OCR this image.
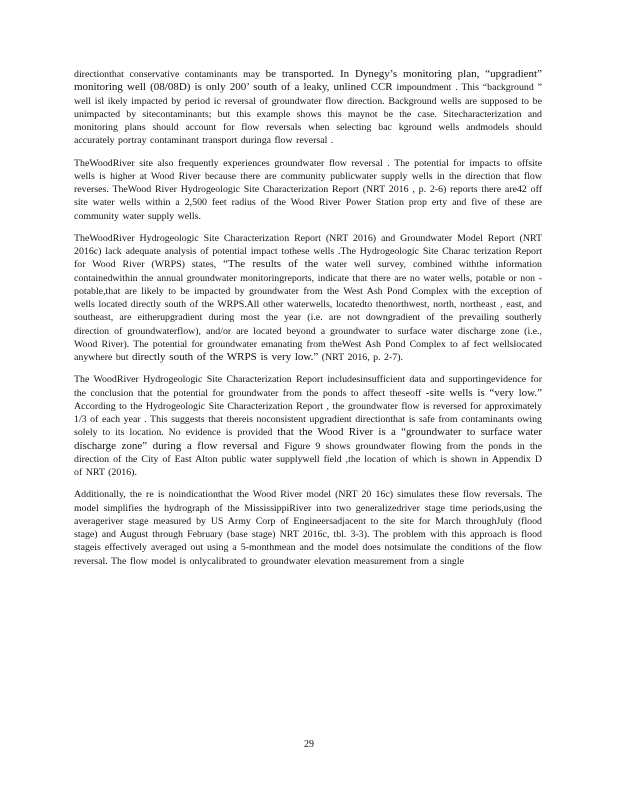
directionthat conservative contaminants may be transported. In Dynegy’s monitoring plan, “upgradient” monitoring well (08/08D) is only 200’ south of a leaky, unlined CCR impoundment . This “background ” well isl ikely impacted by period ic reversal of groundwater flow direction. Background wells are supposed to be unimpacted by sitecontaminants; but this example shows this maynot be the case. Sitecharacterization and monitoring plans should account for flow reversals when selecting bac kground wells andmodels should accurately portray contaminant transport duringa flow reversal .

TheWoodRiver site also frequently experiences groundwater flow reversal . The potential for impacts to offsite wells is higher at Wood River because there are community publicwater supply wells in the direction that flow reverses. TheWood River Hydrogeologic Site Characterization Report (NRT 2016 , p. 2-6) reports there are42 off site water wells within a 2,500 feet radius of the Wood River Power Station prop erty and five of these are community water supply wells.

TheWoodRiver Hydrogeologic Site Characterization Report (NRT 2016) and Groundwater Model Report (NRT 2016c) lack adequate analysis of potential impact tothese wells .The Hydrogeologic Site Charac terization Report for Wood River (WRPS) states, “The results of the water well survey, combined withthe information containedwithin the annual groundwater monitoringreports, indicate that there are no water wells, potable or non -potable,that are likely to be impacted by groundwater from the West Ash Pond Complex with the exception of wells located directly south of the WRPS.All other waterwells, locatedto thenorthwest, north, northeast , east, and southeast, are eitherupgradient during most the year (i.e. are not downgradient of the prevailing southerly direction of groundwaterflow), and/or are located beyond a groundwater to surface water discharge zone (i.e., Wood River). The potential for groundwater emanating from theWest Ash Pond Complex to af fect wellslocated anywhere but directly south of the WRPS is very low.” (NRT 2016, p. 2-7).

The WoodRiver Hydrogeologic Site Characterization Report includesinsufficient data and supportingevidence for the conclusion that the potential for groundwater from the ponds to affect theseoff -site wells is “very low.” According to the Hydrogeologic Site Characterization Report , the groundwater flow is reversed for approximately 1/3 of each year . This suggests that thereis noconsistent upgradient directionthat is safe from contaminants owing solely to its location. No evidence is provided that the Wood River is a “groundwater to surface water discharge zone” during a flow reversal and Figure 9 shows groundwater flowing from the ponds in the direction of the City of East Alton public water supplywell field ,the location of which is shown in Appendix D of NRT (2016).

Additionally, the re is noindicationthat the Wood River model (NRT 20 16c) simulates these flow reversals. The model simplifies the hydrograph of the MississippiRiver into two generalizedriver stage time periods,using the averageriver stage measured by US Army Corp of Engineersadjacent to the site for March throughJuly (flood stage) and August through February (base stage) NRT 2016c, tbl. 3-3). The problem with this approach is flood stageis effectively averaged out using a 5-monthmean and the model does notsimulate the conditions of the flow reversal. The flow model is onlycalibrated to groundwater elevation measurement from a single

29
